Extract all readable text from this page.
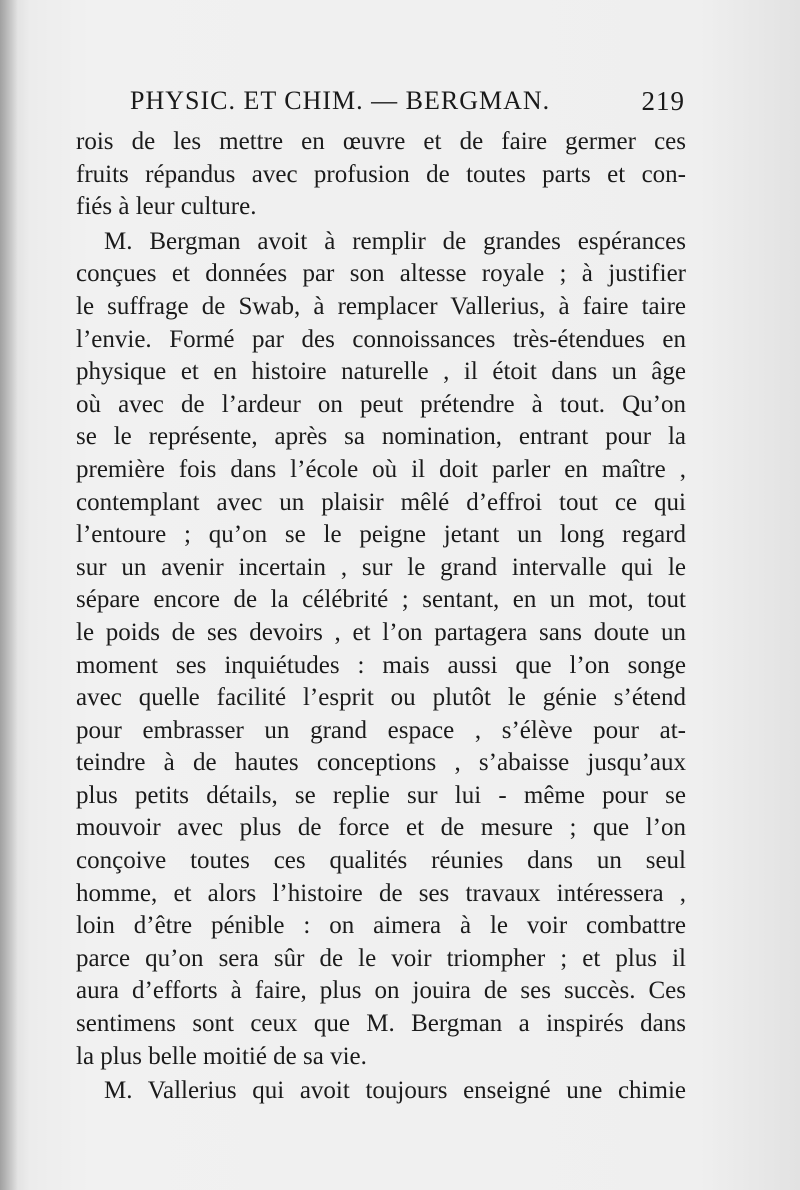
PHYSIC. ET CHIM. — BERGMAN.	219
rois de les mettre en œuvre et de faire germer ces
fruits répandus avec profusion de toutes parts et con-
fiés à leur culture.
M. Bergman avoit à remplir de grandes espérances
conçues et données par son altesse royale ; à justifier
le suffrage de Swab, à remplacer Vallerius, à faire taire
l’envie. Formé par des connoissances très-étendues en
physique et en histoire naturelle , il étoit dans un âge
où avec de l’ardeur on peut prétendre à tout. Qu’on
se le représente, après sa nomination, entrant pour la
première fois dans l’école où il doit parler en maître ,
contemplant avec un plaisir mêlé d’effroi tout ce qui
l’entoure ; qu’on se le peigne jetant un long regard
sur un avenir incertain , sur le grand intervalle qui le
sépare encore de la célébrité ; sentant, en un mot, tout
le poids de ses devoirs , et l’on partagera sans doute un
moment ses inquiétudes : mais aussi que l’on songe
avec quelle facilité l’esprit ou plutôt le génie s’étend
pour embrasser un grand espace , s’élève pour at-
teindre à de hautes conceptions , s’abaisse jusqu’aux
plus petits détails, se replie sur lui - même pour se
mouvoir avec plus de force et de mesure ; que l’on
conçoive toutes ces qualités réunies dans un seul
homme, et alors l’histoire de ses travaux intéressera ,
loin d’être pénible : on aimera à le voir combattre
parce qu’on sera sûr de le voir triompher ; et plus il
aura d’efforts à faire, plus on jouira de ses succès. Ces
sentimens sont ceux que M. Bergman a inspirés dans
la plus belle moitié de sa vie.
M. Vallerius qui avoit toujours enseigné une chimie
